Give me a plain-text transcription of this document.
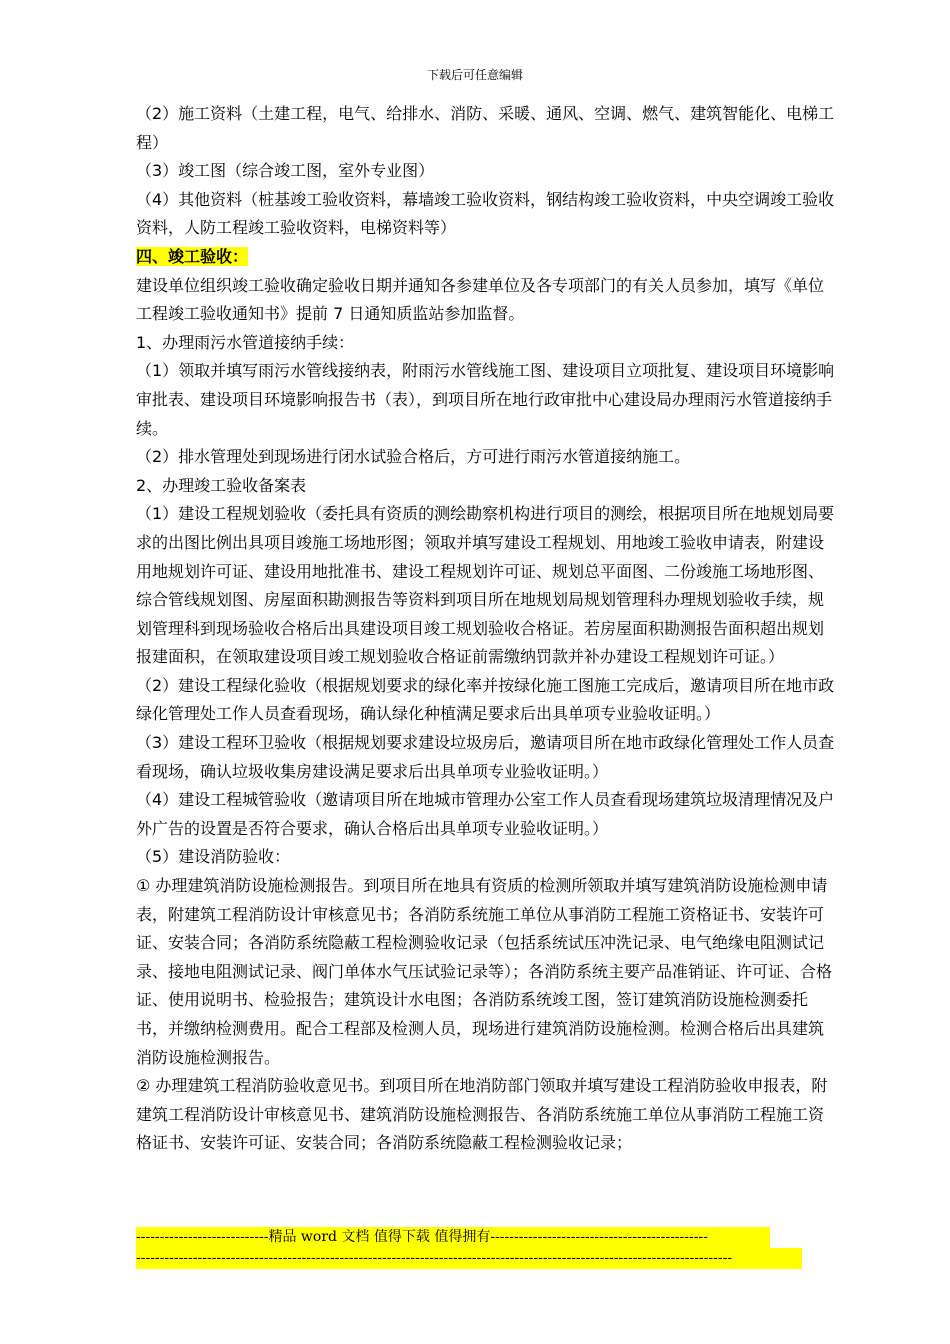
下载后可任意编辑

（2）施工资料（土建工程，电气、给排水、消防、采暖、通风、空调、燃气、建筑智能化、电梯工程）

（3）竣工图（综合竣工图，室外专业图）

（4）其他资料（桩基竣工验收资料，幕墙竣工验收资料，钢结构竣工验收资料，中央空调竣工验收资料，人防工程竣工验收资料，电梯资料等）

四、竣工验收：

建设单位组织竣工验收确定验收日期并通知各参建单位及各专项部门的有关人员参加，填写《单位工程竣工验收通知书》提前 7 日通知质监站参加监督。

1、办理雨污水管道接纳手续：

（1）领取并填写雨污水管线接纳表，附雨污水管线施工图、建设项目立项批复、建设项目环境影响审批表、建设项目环境影响报告书（表），到项目所在地行政审批中心建设局办理雨污水管道接纳手续。

（2）排水管理处到现场进行闭水试验合格后，方可进行雨污水管道接纳施工。

2、办理竣工验收备案表

（1）建设工程规划验收（委托具有资质的测绘勘察机构进行项目的测绘，根据项目所在地规划局要求的出图比例出具项目竣施工场地形图；领取并填写建设工程规划、用地竣工验收申请表，附建设用地规划许可证、建设用地批准书、建设工程规划许可证、规划总平面图、二份竣施工场地形图、综合管线规划图、房屋面积勘测报告等资料到项目所在地规划局规划管理科办理规划验收手续，规划管理科到现场验收合格后出具建设项目竣工规划验收合格证。若房屋面积勘测报告面积超出规划报建面积，在领取建设项目竣工规划验收合格证前需缴纳罚款并补办建设工程规划许可证。）

（2）建设工程绿化验收（根据规划要求的绿化率并按绿化施工图施工完成后，邀请项目所在地市政绿化管理处工作人员查看现场，确认绿化种植满足要求后出具单项专业验收证明。）

（3）建设工程环卫验收（根据规划要求建设垃圾房后，邀请项目所在地市政绿化管理处工作人员查看现场，确认垃圾收集房建设满足要求后出具单项专业验收证明。）

（4）建设工程城管验收（邀请项目所在地城市管理办公室工作人员查看现场建筑垃圾清理情况及户外广告的设置是否符合要求，确认合格后出具单项专业验收证明。）

（5）建设消防验收：

① 办理建筑消防设施检测报告。到项目所在地具有资质的检测所领取并填写建筑消防设施检测申请表，附建筑工程消防设计审核意见书；各消防系统施工单位从事消防工程施工资格证书、安装许可证、安装合同；各消防系统隐蔽工程检测验收记录（包括系统试压冲洗记录、电气绝缘电阻测试记录、接地电阻测试记录、阀门单体水气压试验记录等）；各消防系统主要产品准销证、许可证、合格证、使用说明书、检验报告；建筑设计水电图；各消防系统竣工图，签订建筑消防设施检测委托书，并缴纳检测费用。配合工程部及检测人员，现场进行建筑消防设施检测。检测合格后出具建筑消防设施检测报告。

② 办理建筑工程消防验收意见书。到项目所在地消防部门领取并填写建设工程消防验收申报表，附建筑工程消防设计审核意见书、建筑消防设施检测报告、各消防系统施工单位从事消防工程施工资格证书、安装许可证、安装合同；各消防系统隐蔽工程检测验收记录；

----------------------------精品 word 文档 值得下载 值得拥有----------------------------------------------
------------------------------------------------------------------------------------------------------------------------------
